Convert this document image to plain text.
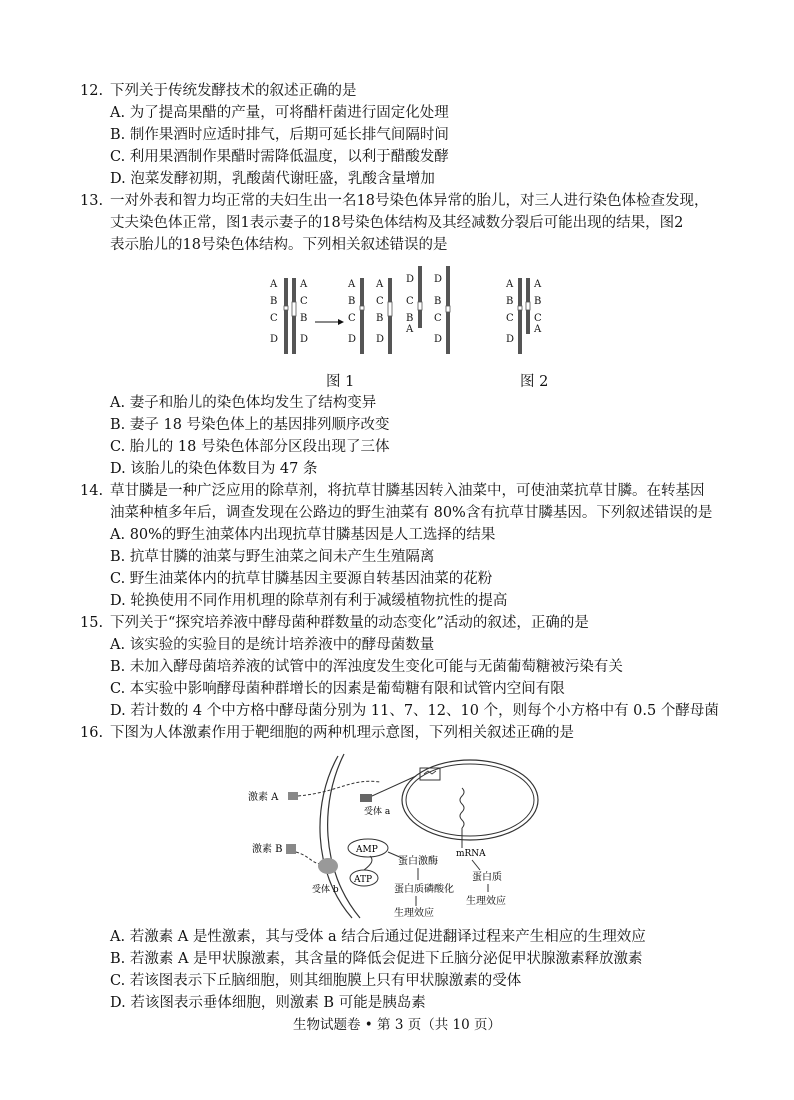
12. 下列关于传统发酵技术的叙述正确的是
A. 为了提高果醋的产量，可将醋杆菌进行固定化处理
B. 制作果酒时应适时排气，后期可延长排气间隔时间
C. 利用果酒制作果醋时需降低温度，以利于醋酸发酵
D. 泡菜发酵初期，乳酸菌代谢旺盛，乳酸含量增加
13. 一对外表和智力均正常的夫妇生出一名18号染色体异常的胎儿，对三人进行染色体检查发现，
丈夫染色体正常，图1表示妻子的18号染色体结构及其经减数分裂后可能出现的结果，图2
表示胎儿的18号染色体结构。下列相关叙述错误的是
A
B
C
D
A
C
B
D
A
B
C
D
A
C
B
D
D
C
B
A
D
B
C
D
A
B
C
D
A
B
C
A
图 1	图 2
A. 妻子和胎儿的染色体均发生了结构变异
B. 妻子 18 号染色体上的基因排列顺序改变
C. 胎儿的 18 号染色体部分区段出现了三体
D. 该胎儿的染色体数目为 47 条
14. 草甘膦是一种广泛应用的除草剂，将抗草甘膦基因转入油菜中，可使油菜抗草甘膦。在转基因
油菜种植多年后，调查发现在公路边的野生油菜有 80%含有抗草甘膦基因。下列叙述错误的是
A. 80%的野生油菜体内出现抗草甘膦基因是人工选择的结果
B. 抗草甘膦的油菜与野生油菜之间未产生生殖隔离
C. 野生油菜体内的抗草甘膦基因主要源自转基因油菜的花粉
D. 轮换使用不同作用机理的除草剂有利于减缓植物抗性的提高
15. 下列关于“探究培养液中酵母菌种群数量的动态变化”活动的叙述，正确的是
A. 该实验的实验目的是统计培养液中的酵母菌数量
B. 未加入酵母菌培养液的试管中的浑浊度发生变化可能与无菌葡萄糖被污染有关
C. 本实验中影响酵母菌种群增长的因素是葡萄糖有限和试管内空间有限
D. 若计数的 4 个中方格中酵母菌分别为 11、7、12、10 个，则每个小方格中有 0.5 个酵母菌
16. 下图为人体激素作用于靶细胞的两种机理示意图，下列相关叙述正确的是
激素 A
受体 a
mRNA
蛋白质
生理效应
激素 B
受体 b
AMP
ATP
蛋白激酶
蛋白质磷酸化
生理效应
A. 若激素 A 是性激素，其与受体 a 结合后通过促进翻译过程来产生相应的生理效应
B. 若激素 A 是甲状腺激素，其含量的降低会促进下丘脑分泌促甲状腺激素释放激素
C. 若该图表示下丘脑细胞，则其细胞膜上只有甲状腺激素的受体
D. 若该图表示垂体细胞，则激素 B 可能是胰岛素
生物试题卷 • 第 3 页（共 10 页）
